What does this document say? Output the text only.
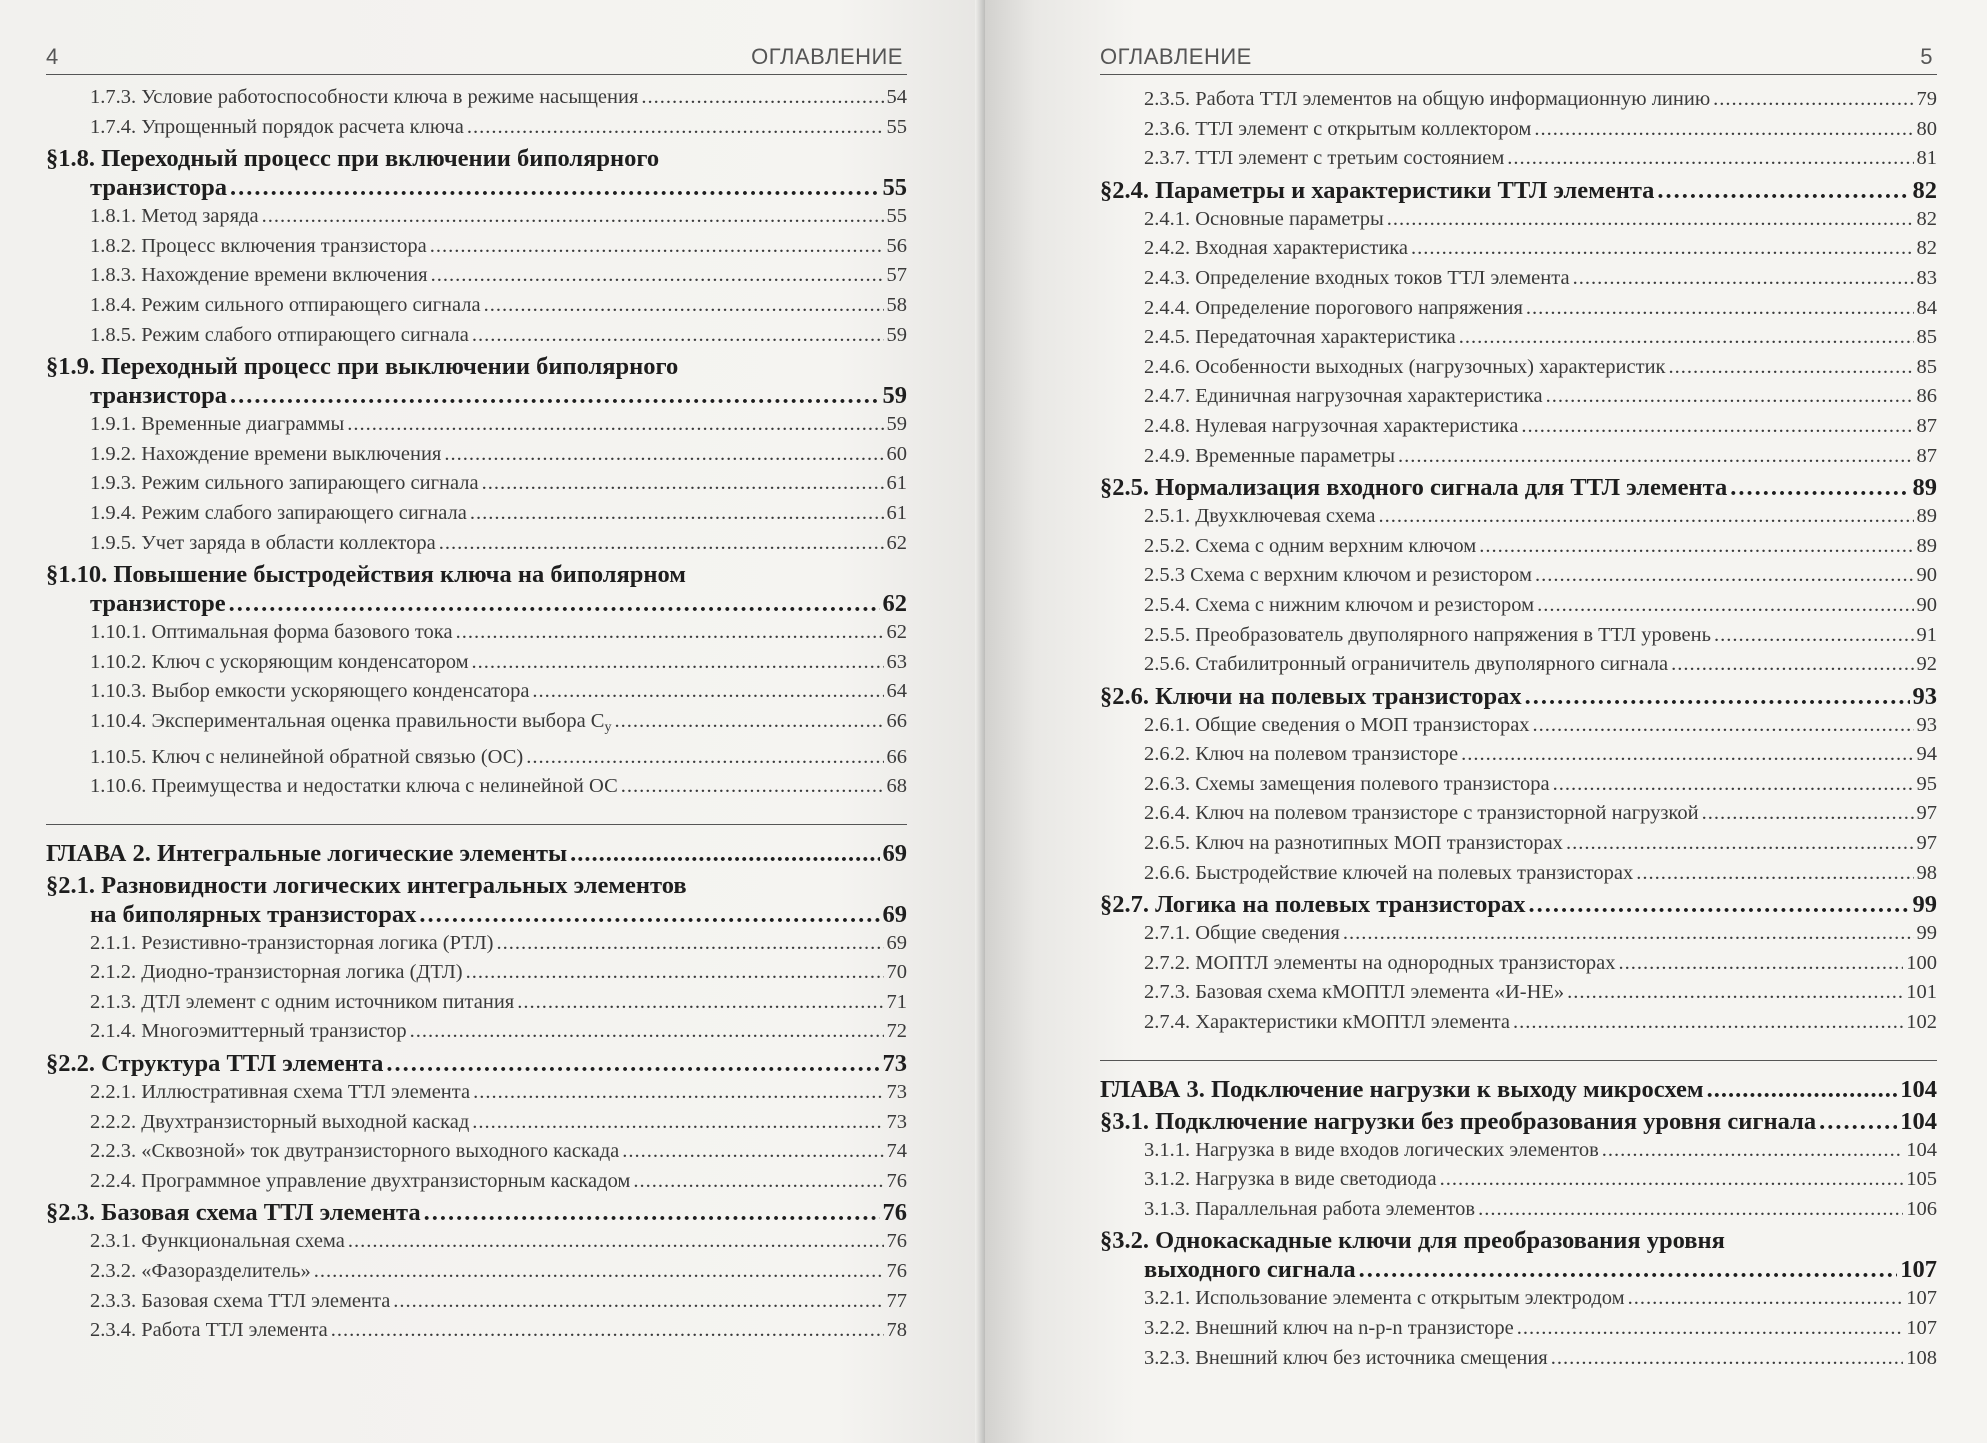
4	ОГЛАВЛЕНИЕ
1.7.3. Условие работоспособности ключа в режиме насыщения .....	54
1.7.4. Упрощенный порядок расчета ключа .....	55
§1.8. Переходный процесс при включении биполярного
транзистора .....	55
1.8.1. Метод заряда .....	55
1.8.2. Процесс включения транзистора .....	56
1.8.3. Нахождение времени включения .....	57
1.8.4. Режим сильного отпирающего сигнала .....	58
1.8.5. Режим слабого отпирающего сигнала .....	59
§1.9. Переходный процесс при выключении биполярного
транзистора .....	59
1.9.1. Временные диаграммы .....	59
1.9.2. Нахождение времени выключения .....	60
1.9.3. Режим сильного запирающего сигнала .....	61
1.9.4. Режим слабого запирающего сигнала .....	61
1.9.5. Учет заряда в области коллектора .....	62
§1.10. Повышение быстродействия ключа на биполярном
транзисторе .....	62
1.10.1. Оптимальная форма базового тока .....	62
1.10.2. Ключ с ускоряющим конденсатором .....	63
1.10.3. Выбор емкости ускоряющего конденсатора .....	64
1.10.4. Экспериментальная оценка правильности выбора $C_у$ .....	66
1.10.5. Ключ с нелинейной обратной связью (ОС) .....	66
1.10.6. Преимущества и недостатки ключа с нелинейной ОС .....	68
ГЛАВА 2. Интегральные логические элементы .....	69
§2.1. Разновидности логических интегральных элементов
на биполярных транзисторах .....	69
2.1.1. Резистивно-транзисторная логика (РТЛ) .....	69
2.1.2. Диодно-транзисторная логика (ДТЛ) .....	70
2.1.3. ДТЛ элемент с одним источником питания .....	71
2.1.4. Многоэмиттерный транзистор .....	72
§2.2. Структура ТТЛ элемента .....	73
2.2.1. Иллюстративная схема ТТЛ элемента .....	73
2.2.2. Двухтранзисторный выходной каскад .....	73
2.2.3. «Сквозной» ток двутранзисторного выходного каскада .....	74
2.2.4. Программное управление двухтранзисторным каскадом .....	76
§2.3. Базовая схема ТТЛ элемента .....	76
2.3.1. Функциональная схема .....	76
2.3.2. «Фазоразделитель» .....	76
2.3.3. Базовая схема ТТЛ элемента .....	77
2.3.4. Работа ТТЛ элемента .....	78
ОГЛАВЛЕНИЕ	5
2.3.5. Работа ТТЛ элементов на общую информационную линию .....	79
2.3.6. ТТЛ элемент с открытым коллектором .....	80
2.3.7. ТТЛ элемент с третьим состоянием .....	81
§2.4. Параметры и характеристики ТТЛ элемента .....	82
2.4.1. Основные параметры .....	82
2.4.2. Входная характеристика .....	82
2.4.3. Определение входных токов ТТЛ элемента .....	83
2.4.4. Определение порогового напряжения .....	84
2.4.5. Передаточная характеристика .....	85
2.4.6. Особенности выходных (нагрузочных) характеристик .....	85
2.4.7. Единичная нагрузочная характеристика .....	86
2.4.8. Нулевая нагрузочная характеристика .....	87
2.4.9. Временные параметры .....	87
§2.5. Нормализация входного сигнала для ТТЛ элемента .....	89
2.5.1. Двухключевая схема .....	89
2.5.2. Схема с одним верхним ключом .....	89
2.5.3 Схема с верхним ключом и резистором .....	90
2.5.4. Схема с нижним ключом и резистором .....	90
2.5.5. Преобразователь двуполярного напряжения в ТТЛ уровень .....	91
2.5.6. Стабилитронный ограничитель двуполярного сигнала .....	92
§2.6. Ключи на полевых транзисторах .....	93
2.6.1. Общие сведения о МОП транзисторах .....	93
2.6.2. Ключ на полевом транзисторе .....	94
2.6.3. Схемы замещения полевого транзистора .....	95
2.6.4. Ключ на полевом транзисторе с транзисторной нагрузкой .....	97
2.6.5. Ключ на разнотипных МОП транзисторах .....	97
2.6.6. Быстродействие ключей на полевых транзисторах .....	98
§2.7. Логика на полевых транзисторах .....	99
2.7.1. Общие сведения .....	99
2.7.2. МОПТЛ элементы на однородных транзисторах .....	100
2.7.3. Базовая схема кМОПТЛ элемента «И-НЕ» .....	101
2.7.4. Характеристики кМОПТЛ элемента .....	102
ГЛАВА 3. Подключение нагрузки к выходу микросхем .....	104
§3.1. Подключение нагрузки без преобразования уровня сигнала .....	104
3.1.1. Нагрузка в виде входов логических элементов .....	104
3.1.2. Нагрузка в виде светодиода .....	105
3.1.3. Параллельная работа элементов .....	106
§3.2. Однокаскадные ключи для преобразования уровня
выходного сигнала .....	107
3.2.1. Использование элемента с открытым электродом .....	107
3.2.2. Внешний ключ на n-p-n транзисторе .....	107
3.2.3. Внешний ключ без источника смещения .....	108
